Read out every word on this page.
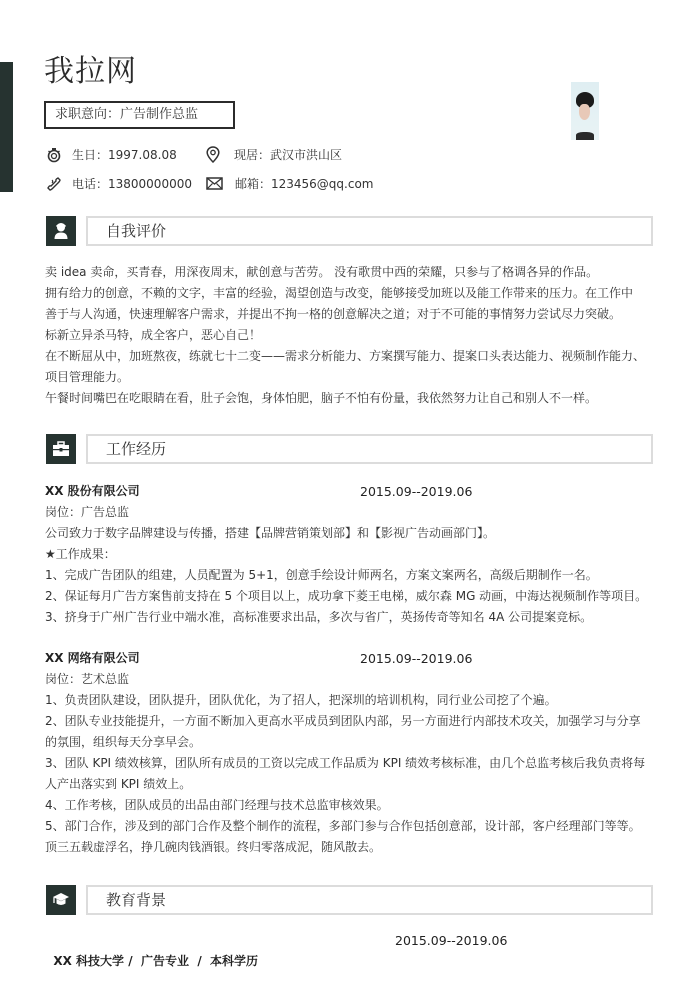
我拉网
求职意向：广告制作总监
生日：1997.08.08	现居：武汉市洪山区
电话：13800000000	邮箱：123456@qq.com
自我评价

卖 idea 卖命，买青春，用深夜周末，献创意与苦劳。 没有歌贯中西的荣耀，只参与了格调各异的作品。

拥有给力的创意，不赖的文字，丰富的经验，渴望创造与改变，能够接受加班以及能工作带来的压力。在工作中

善于与人沟通，快速理解客户需求，并提出不拘一格的创意解决之道；对于不可能的事情努力尝试尽力突破。

标新立异杀马特，成全客户，恶心自己！

在不断屈从中，加班熬夜，练就七十二变——需求分析能力、方案撰写能力、提案口头表达能力、视频制作能力、

项目管理能力。

午餐时间嘴巴在吃眼睛在看，肚子会饱，身体怕肥，脑子不怕有份量，我依然努力让自己和别人不一样。

工作经历
XX 股份有限公司	2015.09--2019.06

岗位：广告总监

公司致力于数字品牌建设与传播，搭建【品牌营销策划部】和【影视广告动画部门】。

★工作成果：

1、完成广告团队的组建，人员配置为 5+1，创意手绘设计师两名，方案文案两名，高级后期制作一名。

2、保证每月广告方案售前支持在 5 个项目以上，成功拿下菱王电梯，威尔森 MG 动画，中海达视频制作等项目。

3、挤身于广州广告行业中端水准，高标准要求出品，多次与省广，英扬传奇等知名 4A 公司提案竞标。

XX 网络有限公司	2015.09--2019.06

岗位：艺术总监

1、负责团队建设，团队提升，团队优化，为了招人，把深圳的培训机构，同行业公司挖了个遍。

2、团队专业技能提升，一方面不断加入更高水平成员到团队内部，另一方面进行内部技术攻关，加强学习与分享

的氛围，组织每天分享早会。

3、团队 KPI 绩效核算，团队所有成员的工资以完成工作品质为 KPI 绩效考核标准，由几个总监考核后我负责将每

人产出落实到 KPI 绩效上。

4、工作考核，团队成员的出品由部门经理与技术总监审核效果。

5、部门合作，涉及到的部门合作及整个制作的流程，多部门参与合作包括创意部，设计部，客户经理部门等等。

顶三五载虚浮名，挣几碗肉钱酒银。终归零落成泥，随风散去。

教育背景

XX 科技大学 /  广告专业  /  本科学历

2015.09--2019.06
